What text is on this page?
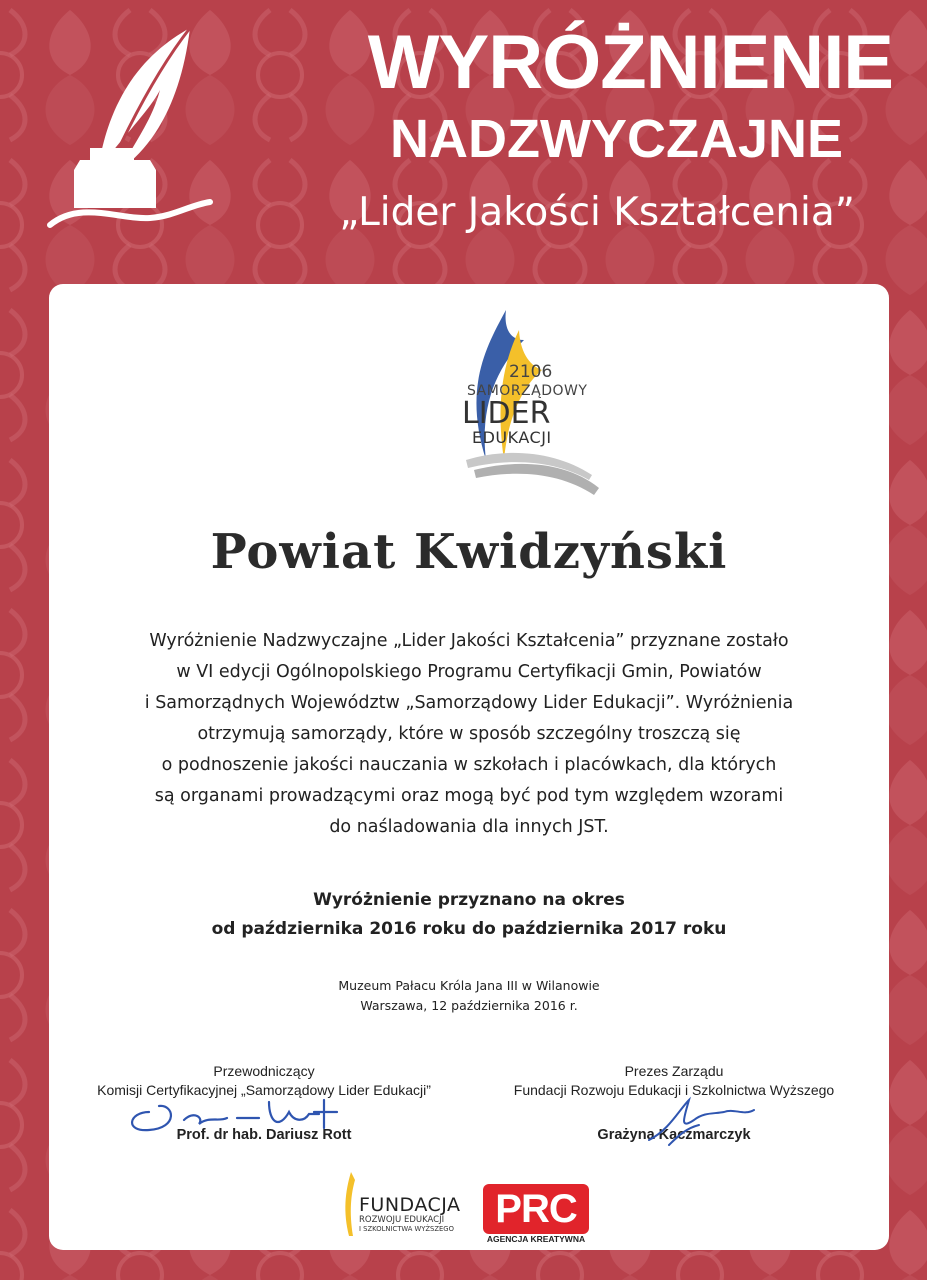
WYRÓŻNIENIE
NADZWYCZAJNE
„Lider Jakości Kształcenia”
2106
SAMORZĄDOWY
LIDER
EDUKACJI
Powiat Kwidzyński
Wyróżnienie Nadzwyczajne „Lider Jakości Kształcenia” przyznane zostało
w VI edycji Ogólnopolskiego Programu Certyfikacji Gmin, Powiatów
i Samorządnych Województw „Samorządowy Lider Edukacji”. Wyróżnienia
otrzymują samorządy, które w sposób szczególny troszczą się
o podnoszenie jakości nauczania w szkołach i placówkach, dla których
są organami prowadzącymi oraz mogą być pod tym względem wzorami
do naśladowania dla innych JST.
Wyróżnienie przyznano na okres
od października 2016 roku do października 2017 roku
Muzeum Pałacu Króla Jana III w Wilanowie
Warszawa, 12 października 2016 r.
Przewodniczący
Komisji Certyfikacyjnej „Samorządowy Lider Edukacji”
Prof. dr hab. Dariusz Rott
Prezes Zarządu
Fundacji Rozwoju Edukacji i Szkolnictwa Wyższego
Grażyna Kaczmarczyk
FUNDACJA
ROZWOJU EDUKACJI
I SZKOLNICTWA WYŻSZEGO	PRC
AGENCJA KREATYWNA
